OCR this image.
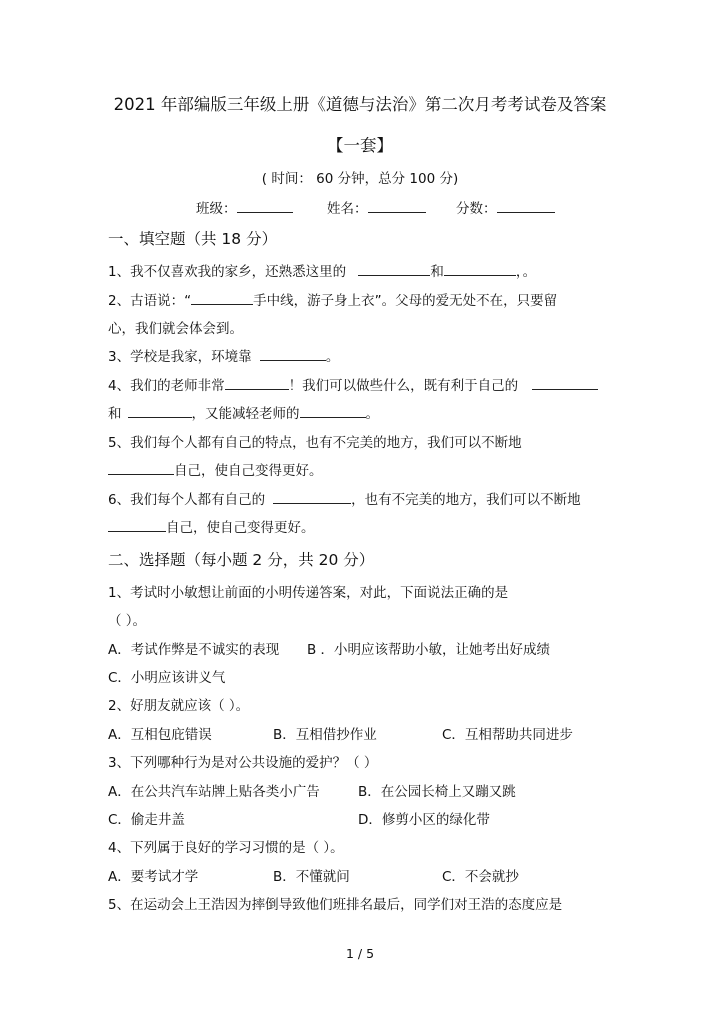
2021 年部编版三年级上册《道德与法治》第二次月考考试卷及答案
【一套】
( 时间： 60 分钟，总分 100 分)
班级：	姓名：	分数：
一、填空题（共 18 分）
1、我不仅喜欢我的家乡，还熟悉这里的	和	，。
2、古语说：“	手中线，游子身上衣”。父母的爱无处不在，只要留
心，我们就会体会到。
3、学校是我家，环境靠	。
4、我们的老师非常	！我们可以做些什么，既有利于自己的
和	，又能减轻老师的	。
5、我们每个人都有自己的特点，也有不完美的地方，我们可以不断地
自己，使自己变得更好。
6、我们每个人都有自己的	，也有不完美的地方，我们可以不断地
自己，使自己变得更好。
二、选择题（每小题 2 分，共 20 分）
1、考试时小敏想让前面的小明传递答案，对此，下面说法正确的是
（ ）。
A．考试作弊是不诚实的表现 B ．小明应该帮助小敏，让她考出好成绩
C．小明应该讲义气
2、好朋友就应该（ ）。
A．互相包庇错误	B．互相借抄作业	C．互相帮助共同进步
3、下列哪种行为是对公共设施的爱护？（ ）
A．在公共汽车站牌上贴各类小广告	B．在公园长椅上又蹦又跳
C．偷走井盖	D．修剪小区的绿化带
4、下列属于良好的学习习惯的是（ ）。
A．要考试才学	B．不懂就问	C．不会就抄
5、在运动会上王浩因为摔倒导致他们班排名最后，同学们对王浩的态度应是
1 / 5
